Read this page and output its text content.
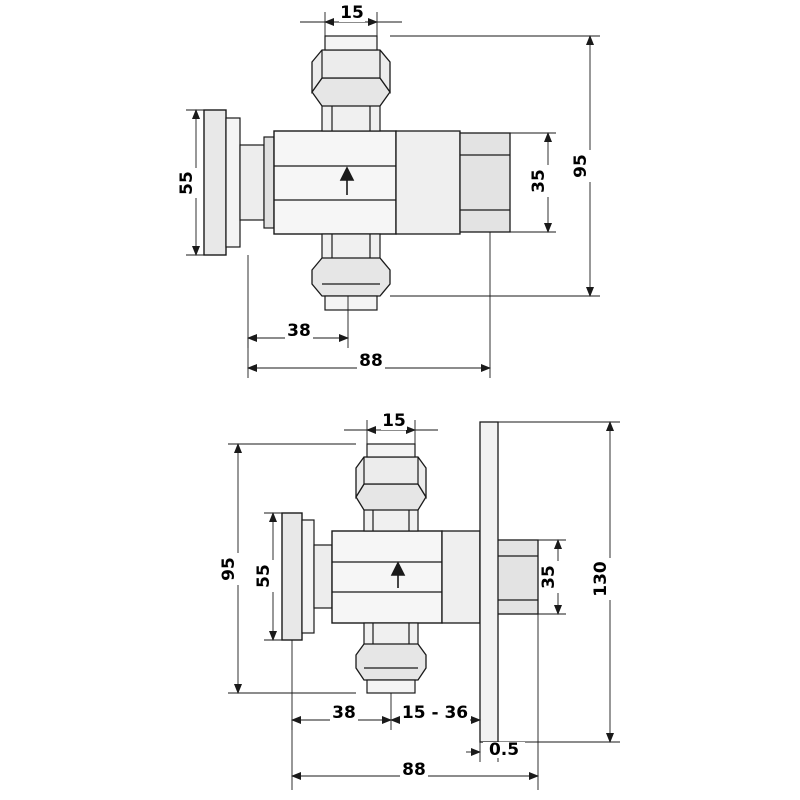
15
55	35
95
38
88
15
95 55	35 130
38	15 - 36
0.5
88
